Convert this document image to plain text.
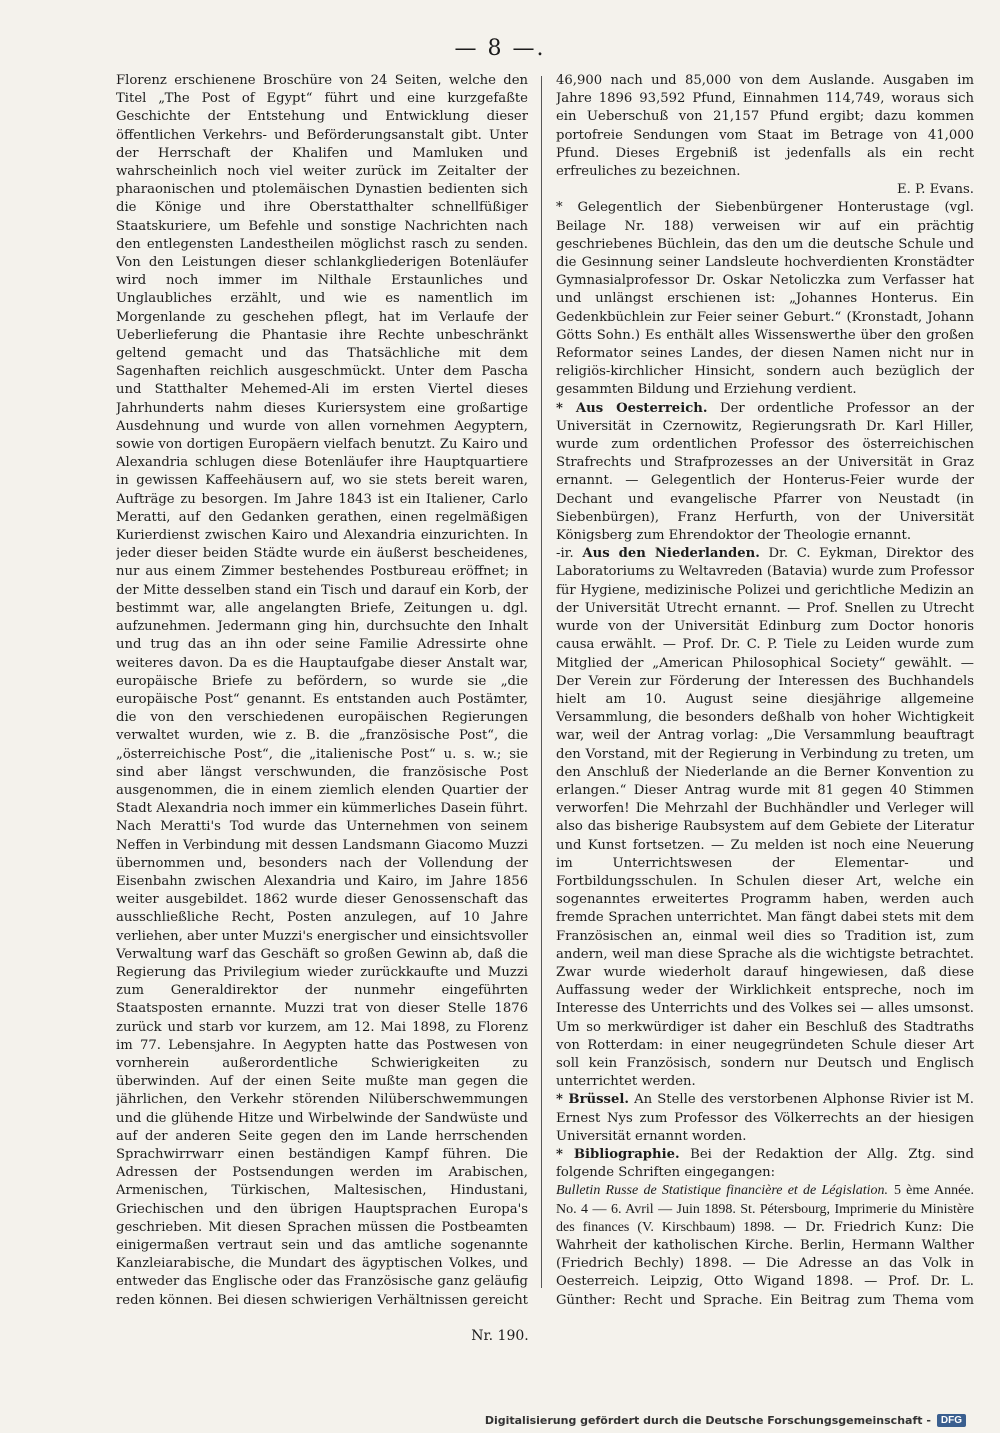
— 8 —.

Florenz erschienene Broschüre von 24 Seiten, welche den Titel „The Post of Egypt“ führt und eine kurzgefaßte Geschichte der Entstehung und Entwicklung dieser öffentlichen Verkehrs- und Beförderungsanstalt gibt. Unter der Herrschaft der Khalifen und Mamluken und wahrscheinlich noch viel weiter zurück im Zeitalter der pharaonischen und ptolemäischen Dynastien bedienten sich die Könige und ihre Oberstatthalter schnellfüßiger Staatskuriere, um Befehle und sonstige Nachrichten nach den entlegensten Landestheilen möglichst rasch zu senden. Von den Leistungen dieser schlankgliederigen Botenläufer wird noch immer im Nilthale Erstaunliches und Unglaubliches erzählt, und wie es namentlich im Morgenlande zu geschehen pflegt, hat im Verlaufe der Ueberlieferung die Phantasie ihre Rechte unbeschränkt geltend gemacht und das Thatsächliche mit dem Sagenhaften reichlich ausgeschmückt. Unter dem Pascha und Statthalter Mehemed-Ali im ersten Viertel dieses Jahrhunderts nahm dieses Kuriersystem eine großartige Ausdehnung und wurde von allen vornehmen Aegyptern, sowie von dortigen Europäern vielfach benutzt. Zu Kairo und Alexandria schlugen diese Botenläufer ihre Hauptquartiere in gewissen Kaffeehäusern auf, wo sie stets bereit waren, Aufträge zu besorgen. Im Jahre 1843 ist ein Italiener, Carlo Meratti, auf den Gedanken gerathen, einen regelmäßigen Kurierdienst zwischen Kairo und Alexandria einzurichten. In jeder dieser beiden Städte wurde ein äußerst bescheidenes, nur aus einem Zimmer bestehendes Postbureau eröffnet; in der Mitte desselben stand ein Tisch und darauf ein Korb, der bestimmt war, alle angelangten Briefe, Zeitungen u. dgl. aufzunehmen. Jedermann ging hin, durchsuchte den Inhalt und trug das an ihn oder seine Familie Adressirte ohne weiteres davon. Da es die Hauptaufgabe dieser Anstalt war, europäische Briefe zu befördern, so wurde sie „die europäische Post“ genannt. Es entstanden auch Postämter, die von den verschiedenen europäischen Regierungen verwaltet wurden, wie z. B. die „französische Post“, die „österreichische Post“, die „italienische Post“ u. s. w.; sie sind aber längst verschwunden, die französische Post ausgenommen, die in einem ziemlich elenden Quartier der Stadt Alexandria noch immer ein kümmerliches Dasein führt. Nach Meratti's Tod wurde das Unternehmen von seinem Neffen in Verbindung mit dessen Landsmann Giacomo Muzzi übernommen und, besonders nach der Vollendung der Eisenbahn zwischen Alexandria und Kairo, im Jahre 1856 weiter ausgebildet. 1862 wurde dieser Genossenschaft das ausschließliche Recht, Posten anzulegen, auf 10 Jahre verliehen, aber unter Muzzi's energischer und einsichtsvoller Verwaltung warf das Geschäft so großen Gewinn ab, daß die Regierung das Privilegium wieder zurückkaufte und Muzzi zum Generaldirektor der nunmehr eingeführten Staatsposten ernannte. Muzzi trat von dieser Stelle 1876 zurück und starb vor kurzem, am 12. Mai 1898, zu Florenz im 77. Lebensjahre. In Aegypten hatte das Postwesen von vornherein außerordentliche Schwierigkeiten zu überwinden. Auf der einen Seite mußte man gegen die jährlichen, den Verkehr störenden Nilüberschwemmungen und die glühende Hitze und Wirbelwinde der Sandwüste und auf der anderen Seite gegen den im Lande herrschenden Sprachwirrwarr einen beständigen Kampf führen. Die Adressen der Postsendungen werden im Arabischen, Armenischen, Türkischen, Maltesischen, Hindustani, Griechischen und den übrigen Hauptsprachen Europa's geschrieben. Mit diesen Sprachen müssen die Postbeamten einigermaßen vertraut sein und das amtliche sogenannte Kanzleiarabische, die Mundart des ägyptischen Volkes, und entweder das Englische oder das Französische ganz geläufig reden können. Bei diesen schwierigen Verhältnissen gereicht

46,900 nach und 85,000 von dem Auslande. Ausgaben im Jahre 1896 93,592 Pfund, Einnahmen 114,749, woraus sich ein Ueberschuß von 21,157 Pfund ergibt; dazu kommen portofreie Sendungen vom Staat im Betrage von 41,000 Pfund. Dieses Ergebniß ist jedenfalls als ein recht erfreuliches zu bezeichnen.

E. P. Evans.

* Gelegentlich der Siebenbürgener Honterustage (vgl. Beilage Nr. 188) verweisen wir auf ein prächtig geschriebenes Büchlein, das den um die deutsche Schule und die Gesinnung seiner Landsleute hochverdienten Kronstädter Gymnasialprofessor Dr. Oskar Netoliczka zum Verfasser hat und unlängst erschienen ist: „Johannes Honterus. Ein Gedenkbüchlein zur Feier seiner Geburt.“ (Kronstadt, Johann Götts Sohn.) Es enthält alles Wissenswerthe über den großen Reformator seines Landes, der diesen Namen nicht nur in religiös-kirchlicher Hinsicht, sondern auch bezüglich der gesammten Bildung und Erziehung verdient.

* Aus Oesterreich. Der ordentliche Professor an der Universität in Czernowitz, Regierungsrath Dr. Karl Hiller, wurde zum ordentlichen Professor des österreichischen Strafrechts und Strafprozesses an der Universität in Graz ernannt. — Gelegentlich der Honterus-Feier wurde der Dechant und evangelische Pfarrer von Neustadt (in Siebenbürgen), Franz Herfurth, von der Universität Königsberg zum Ehrendoktor der Theologie ernannt.

-ir. Aus den Niederlanden. Dr. C. Eykman, Direktor des Laboratoriums zu Weltavreden (Batavia) wurde zum Professor für Hygiene, medizinische Polizei und gerichtliche Medizin an der Universität Utrecht ernannt. — Prof. Snellen zu Utrecht wurde von der Universität Edinburg zum Doctor honoris causa erwählt. — Prof. Dr. C. P. Tiele zu Leiden wurde zum Mitglied der „American Philosophical Society“ gewählt. — Der Verein zur Förderung der Interessen des Buchhandels hielt am 10. August seine diesjährige allgemeine Versammlung, die besonders deßhalb von hoher Wichtigkeit war, weil der Antrag vorlag: „Die Versammlung beauftragt den Vorstand, mit der Regierung in Verbindung zu treten, um den Anschluß der Niederlande an die Berner Konvention zu erlangen.“ Dieser Antrag wurde mit 81 gegen 40 Stimmen verworfen! Die Mehrzahl der Buchhändler und Verleger will also das bisherige Raubsystem auf dem Gebiete der Literatur und Kunst fortsetzen. — Zu melden ist noch eine Neuerung im Unterrichtswesen der Elementar- und Fortbildungsschulen. In Schulen dieser Art, welche ein sogenanntes erweitertes Programm haben, werden auch fremde Sprachen unterrichtet. Man fängt dabei stets mit dem Französischen an, einmal weil dies so Tradition ist, zum andern, weil man diese Sprache als die wichtigste betrachtet. Zwar wurde wiederholt darauf hingewiesen, daß diese Auffassung weder der Wirklichkeit entspreche, noch im Interesse des Unterrichts und des Volkes sei — alles umsonst. Um so merkwürdiger ist daher ein Beschluß des Stadtraths von Rotterdam: in einer neugegründeten Schule dieser Art soll kein Französisch, sondern nur Deutsch und Englisch unterrichtet werden.

* Brüssel. An Stelle des verstorbenen Alphonse Rivier ist M. Ernest Nys zum Professor des Völkerrechts an der hiesigen Universität ernannt worden.

* Bibliographie. Bei der Redaktion der Allg. Ztg. sind folgende Schriften eingegangen:

Bulletin Russe de Statistique financière et de Législation. 5 ème Année. No. 4 — 6. Avril — Juin 1898. St. Pétersbourg, Imprimerie du Ministère des finances (V. Kirschbaum) 1898. — Dr. Friedrich Kunz: Die Wahrheit der katholischen Kirche. Berlin, Hermann Walther (Friedrich Bechly) 1898. — Die Adresse an das Volk in Oesterreich. Leipzig, Otto Wigand 1898. — Prof. Dr. L. Günther: Recht und Sprache. Ein Beitrag zum Thema vom

Nr. 190.
Digitalisierung gefördert durch die Deutsche Forschungsgemeinschaft -	DFG
